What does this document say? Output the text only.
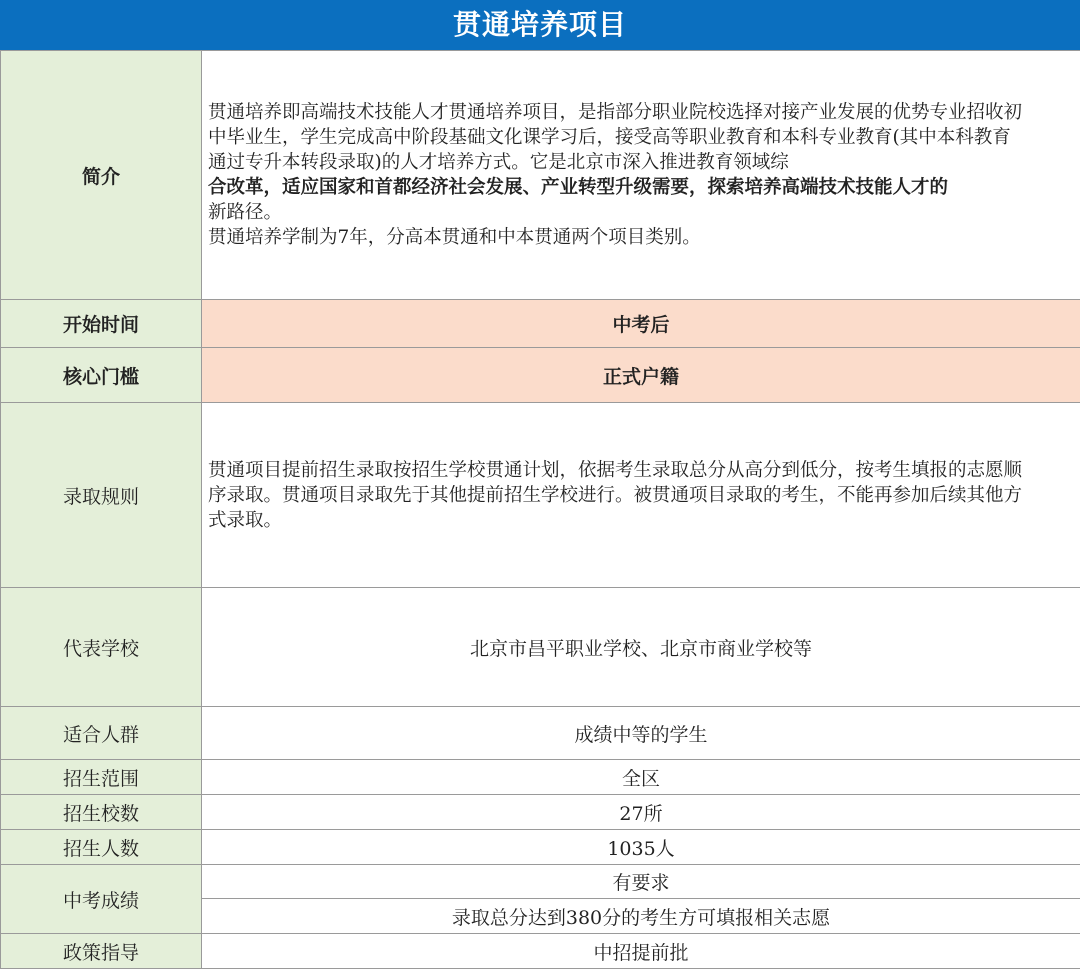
贯通培养项目
简介	贯通培养即高端技术技能人才贯通培养项目，是指部分职业院校选择对接产业发展的优势专业招收初中毕业生，学生完成高中阶段基础文化课学习后，接受高等职业教育和本科专业教育(其中本科教育通过专升本转段录取)的人才培养方式。它是北京市深入推进教育领域综
合改革，适应国家和首都经济社会发展、产业转型升级需要，探索培养高端技术技能人才的
新路径。
贯通培养学制为7年，分高本贯通和中本贯通两个项目类别。

开始时间	中考后
核心门槛	正式户籍
录取规则	贯通项目提前招生录取按招生学校贯通计划，依据考生录取总分从高分到低分，按考生填报的志愿顺序录取。贯通项目录取先于其他提前招生学校进行。被贯通项目录取的考生，不能再参加后续其他方式录取。

代表学校	北京市昌平职业学校、北京市商业学校等
适合人群	成绩中等的学生
招生范围	全区
招生校数	27所
招生人数	1035人
中考成绩	有要求
	录取总分达到380分的考生方可填报相关志愿
政策指导	中招提前批
